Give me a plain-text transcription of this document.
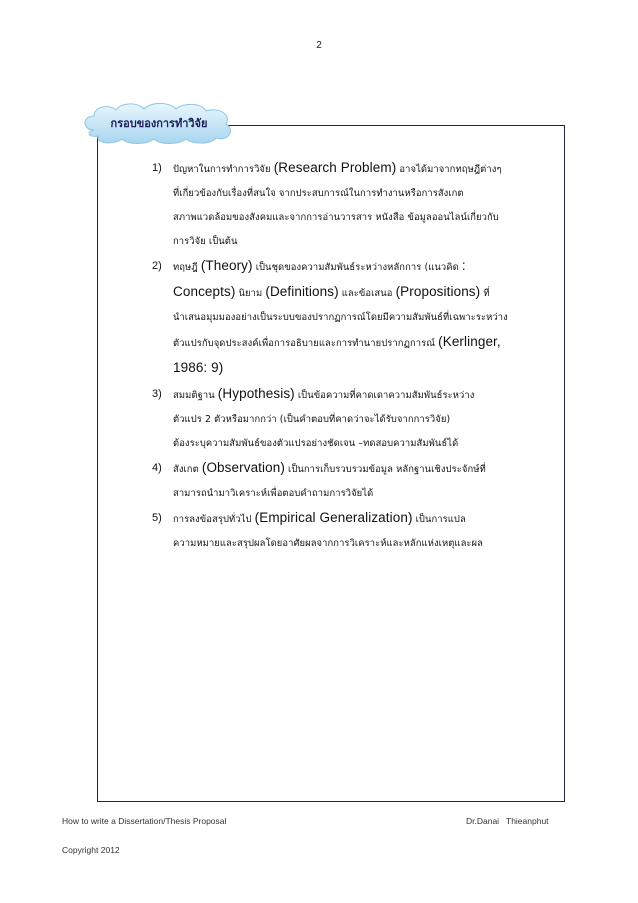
2
กรอบของการทำวิจัย
1) ปัญหาในการทำการวิจัย (Research Problem) อาจได้มาจากทฤษฎีต่างๆ
ที่เกี่ยวข้องกับเรื่องที่สนใจ จากประสบการณ์ในการทำงานหรือการสังเกต
สภาพแวดล้อมของสังคมและจากการอ่านวารสาร หนังสือ ข้อมูลออนไลน์เกี่ยวกับ
การวิจัย เป็นต้น
2) ทฤษฎี (Theory) เป็นชุดของความสัมพันธ์ระหว่างหลักการ (แนวคิด :
Concepts) นิยาม (Definitions) และข้อเสนอ (Propositions) ที่
นำเสนอมุมมองอย่างเป็นระบบของปรากฏการณ์โดยมีความสัมพันธ์ที่เฉพาะระหว่าง
ตัวแปรกับจุดประสงค์เพื่อการอธิบายและการทำนายปรากฏการณ์ (Kerlinger,
1986: 9)
3) สมมติฐาน (Hypothesis) เป็นข้อความที่คาดเดาความสัมพันธ์ระหว่าง
ตัวแปร 2 ตัวหรือมากกว่า (เป็นคำตอบที่คาดว่าจะได้รับจากการวิจัย)
ต้องระบุความสัมพันธ์ของตัวแปรอย่างชัดเจน –ทดสอบความสัมพันธ์ได้
4) สังเกต (Observation) เป็นการเก็บรวบรวมข้อมูล หลักฐานเชิงประจักษ์ที่
สามารถนำมาวิเคราะห์เพื่อตอบคำถามการวิจัยได้
5) การลงข้อสรุปทั่วไป (Empirical Generalization) เป็นการแปล
ความหมายและสรุปผลโดยอาศัยผลจากการวิเคราะห์และหลักแห่งเหตุและผล
How to write a Dissertation/Thesis Proposal	Dr.Danai   Thieanphut
Copyright 2012
